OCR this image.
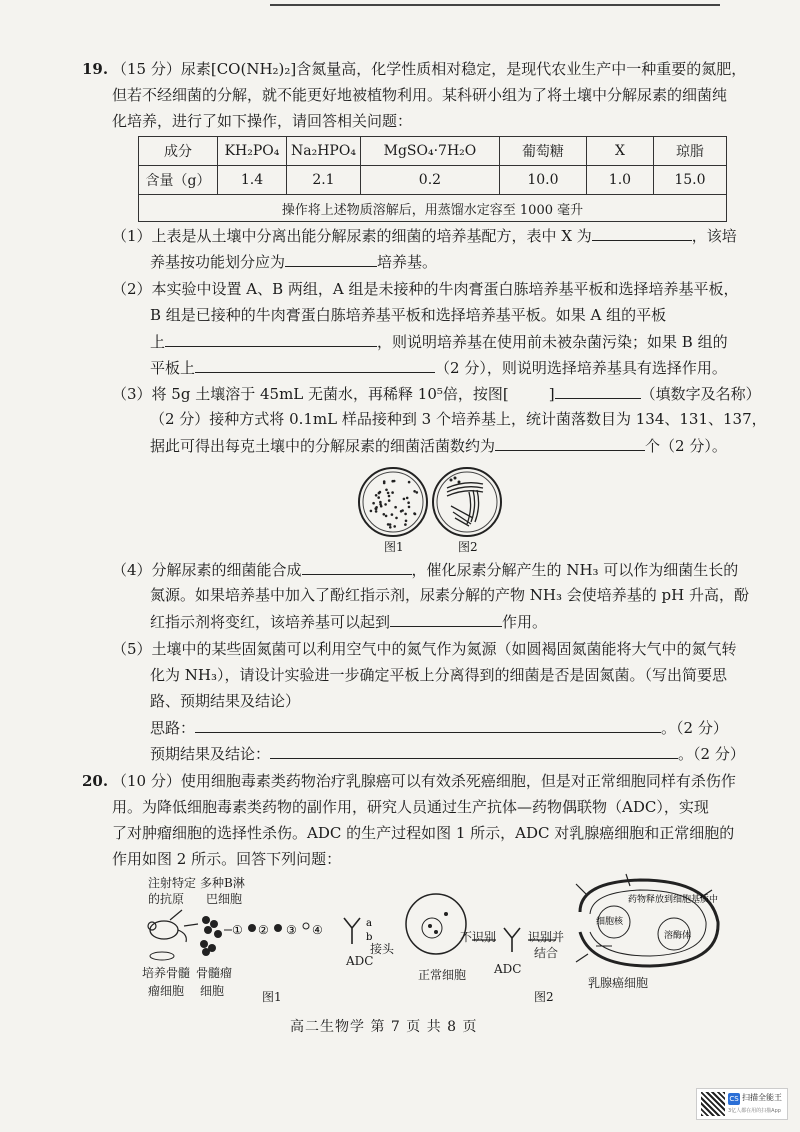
19. （15 分）尿素[CO(NH₂)₂]含氮量高，化学性质相对稳定，是现代农业生产中一种重要的氮肥，
但若不经细菌的分解，就不能更好地被植物利用。某科研小组为了将土壤中分解尿素的细菌纯
化培养，进行了如下操作，请回答相关问题：
成分	KH₂PO₄	Na₂HPO₄	MgSO₄·7H₂O	葡萄糖	X	琼脂
含量（g）	1.4	2.1	0.2	10.0	1.0	15.0
操作将上述物质溶解后，用蒸馏水定容至 1000 毫升						
（1）上表是从土壤中分离出能分解尿素的细菌的培养基配方，表中 X 为	，该培
养基按功能划分应为	培养基。
（2）本实验中设置 A、B 两组，A 组是未接种的牛肉膏蛋白胨培养基平板和选择培养基平板，
B 组是已接种的牛肉膏蛋白胨培养基平板和选择培养基平板。如果 A 组的平板
上	，则说明培养基在使用前未被杂菌污染；如果 B 组的
平板上	（2 分），则说明选择培养基具有选择作用。
（3）将 5g 土壤溶于 45mL 无菌水，再稀释 10⁵倍，按图[	]	（填数字及名称）
（2 分）接种方式将 0.1mL 样品接种到 3 个培养基上，统计菌落数目为 134、131、137，
据此可得出每克土壤中的分解尿素的细菌活菌数约为	个（2 分）。
图1	图2
（4）分解尿素的细菌能合成	，催化尿素分解产生的 NH₃ 可以作为细菌生长的
氮源。如果培养基中加入了酚红指示剂，尿素分解的产物 NH₃ 会使培养基的 pH 升高，酚
红指示剂将变红，该培养基可以起到	作用。
（5）土壤中的某些固氮菌可以利用空气中的氮气作为氮源（如圆褐固氮菌能将大气中的氮气转
化为 NH₃），请设计实验进一步确定平板上分离得到的细菌是否是固氮菌。（写出简要思
路、预期结果及结论）
思路：	。（2 分）
预期结果及结论：	。（2 分）
20. （10 分）使用细胞毒素类药物治疗乳腺癌可以有效杀死癌细胞，但是对正常细胞同样有杀伤作
用。为降低细胞毒素类药物的副作用，研究人员通过生产抗体—药物偶联物（ADC），实现
了对肿瘤细胞的选择性杀伤。ADC 的生产过程如图 1 所示，ADC 对乳腺癌细胞和正常细胞的
作用如图 2 所示。回答下列问题：
注射特定
的抗原
多种B淋
巴细胞
培养骨髓
瘤细胞
骨髓瘤
细胞
① ② ③ ④	a
b
ADC
接头
图1
药物释放到细胞基质中
细胞核
溶酶体
正常细胞
不识别
ADC
识别并
结合
乳腺癌细胞
图2
高二生物学 第 7 页 共 8 页
CS 扫描全能王
3亿人都在用的扫描App
